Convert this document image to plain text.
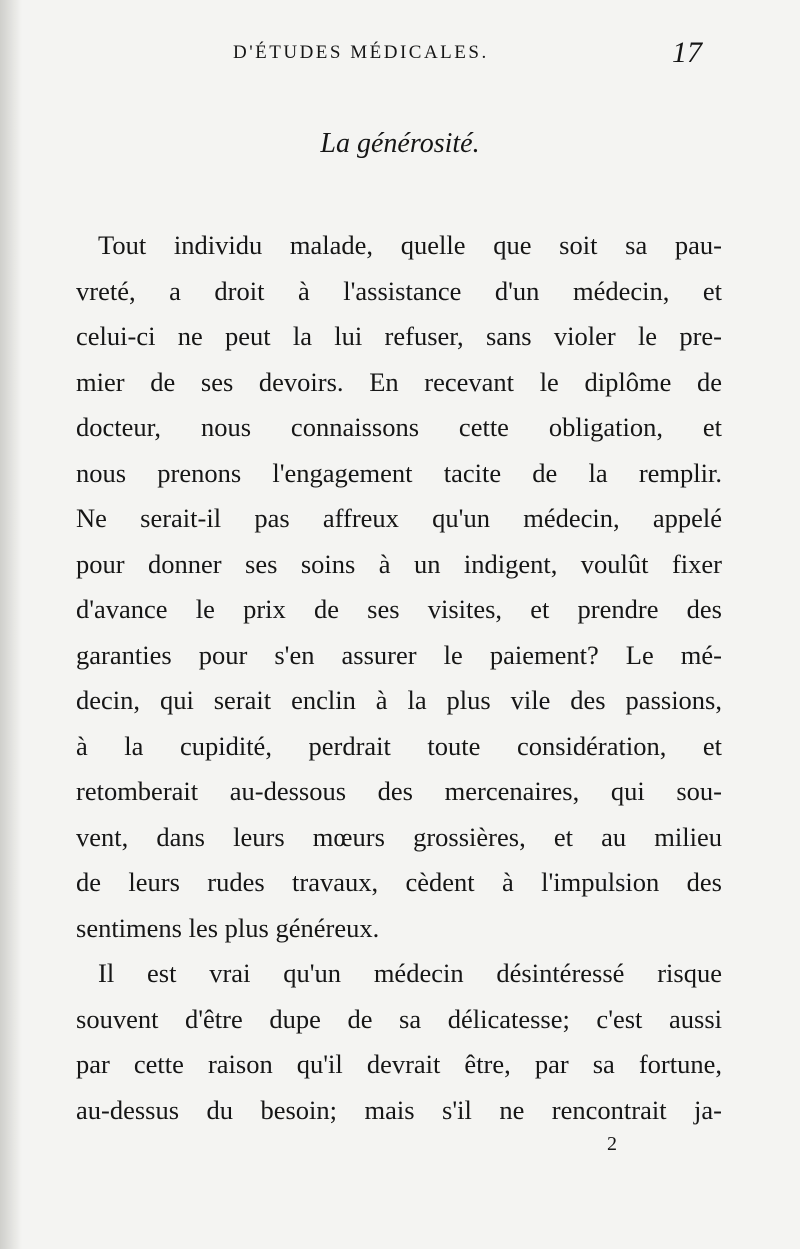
D'ÉTUDES MÉDICALES.	17
La générosité.
Tout individu malade, quelle que soit sa pau-
vreté, a droit à l'assistance d'un médecin, et
celui-ci ne peut la lui refuser, sans violer le pre-
mier de ses devoirs. En recevant le diplôme de
docteur, nous connaissons cette obligation, et
nous prenons l'engagement tacite de la remplir.
Ne serait-il pas affreux qu'un médecin, appelé
pour donner ses soins à un indigent, voulût fixer
d'avance le prix de ses visites, et prendre des
garanties pour s'en assurer le paiement? Le mé-
decin, qui serait enclin à la plus vile des passions,
à la cupidité, perdrait toute considération, et
retomberait au-dessous des mercenaires, qui sou-
vent, dans leurs mœurs grossières, et au milieu
de leurs rudes travaux, cèdent à l'impulsion des
sentimens les plus généreux.
Il est vrai qu'un médecin désintéressé risque
souvent d'être dupe de sa délicatesse; c'est aussi
par cette raison qu'il devrait être, par sa fortune,
au-dessus du besoin; mais s'il ne rencontrait ja-
2
